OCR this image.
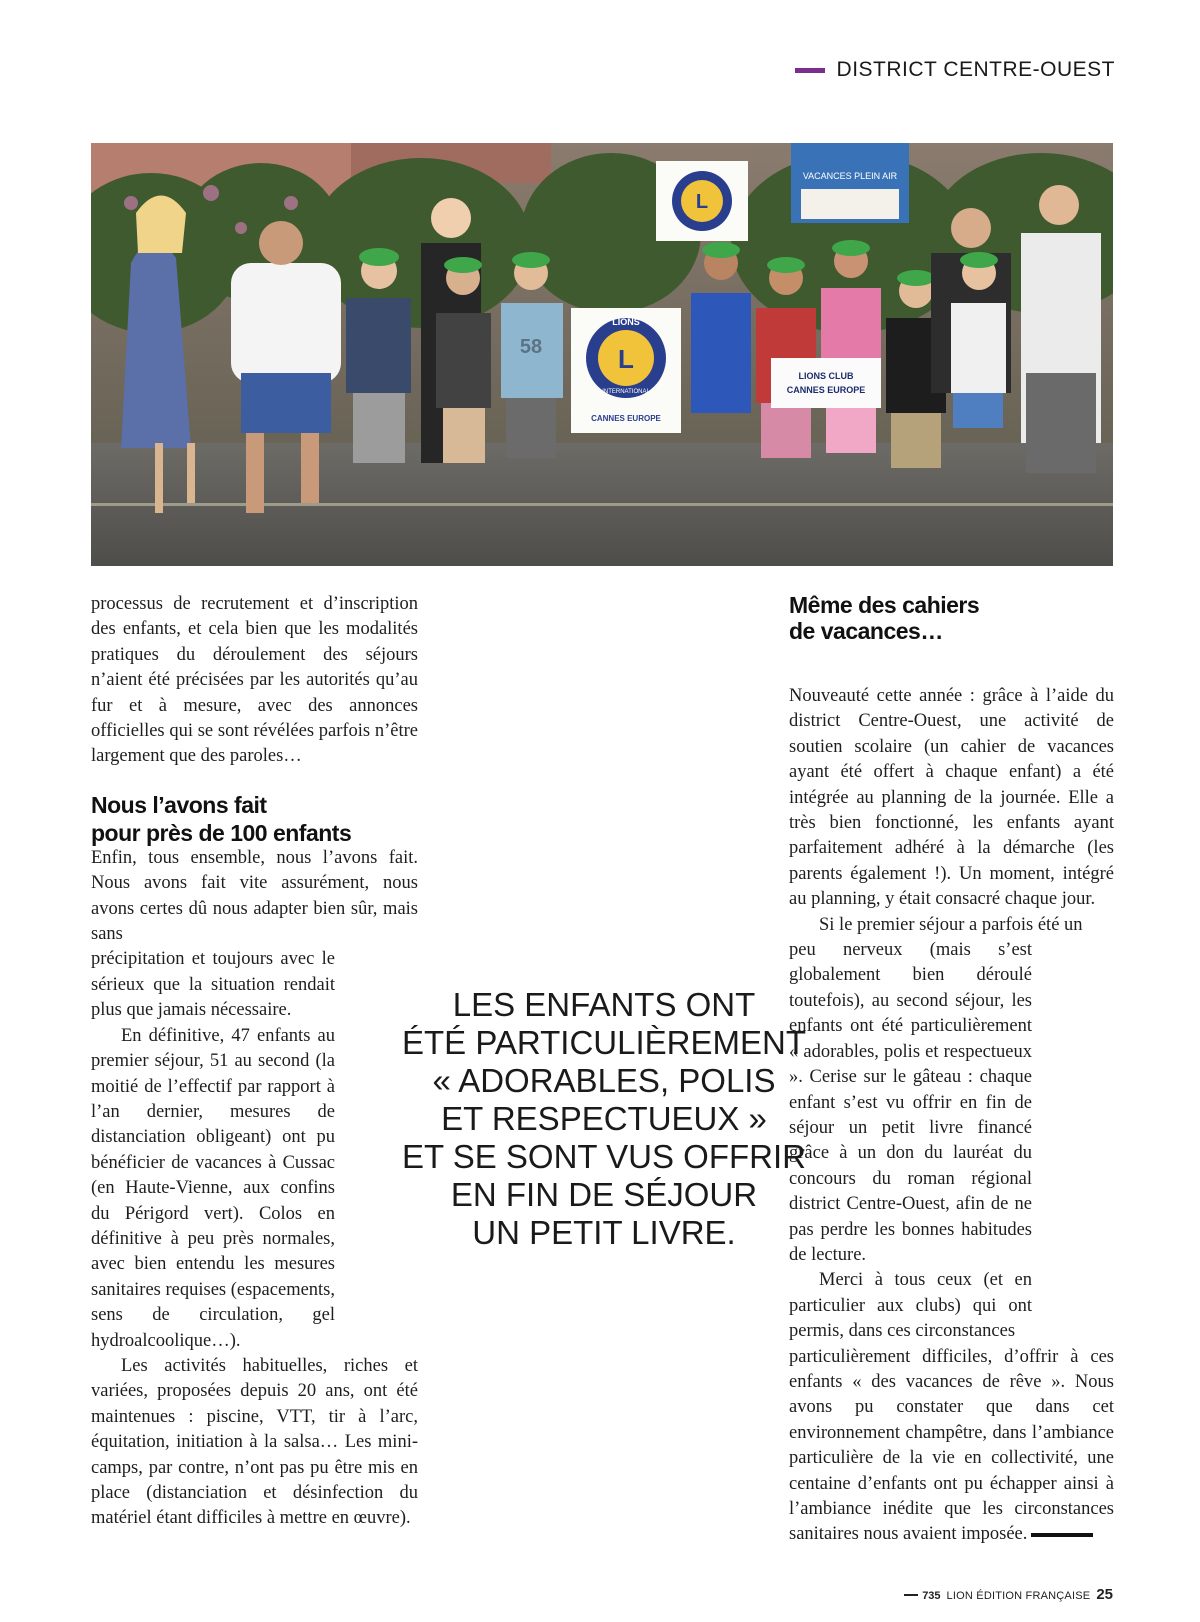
DISTRICT CENTRE-OUEST
VACANCES PLEIN AIR
L
58	L
LIONS
INTERNATIONAL
CANNES EUROPE
LIONS CLUB
CANNES EUROPE

processus de recrutement et d’inscription des enfants, et cela bien que les modalités pratiques du déroulement des séjours n’aient été précisées par les autorités qu’au fur et à mesure, avec des annonces officielles qui se sont révélées parfois n’être largement que des paroles…

Nous l’avons fait
pour près de 100 enfants

Enfin, tous ensemble, nous l’avons fait. Nous avons fait vite assurément, nous avons certes dû nous adapter bien sûr, mais sans

précipitation et toujours avec le sérieux que la situation rendait plus que jamais nécessaire.

En définitive, 47 enfants au premier séjour, 51 au second (la moitié de l’effectif par rapport à l’an dernier, mesures de distanciation obligeant) ont pu bénéficier de vacances à Cussac (en Haute-Vienne, aux confins du Périgord vert). Colos en définitive à peu près normales, avec bien entendu les mesures sanitaires requises (espacements, sens de circulation, gel hydroalcoolique…).

Les activités habituelles, riches et variées, proposées depuis 20 ans, ont été maintenues : piscine, VTT, tir à l’arc, équitation, initiation à la salsa… Les mini-camps, par contre, n’ont pas pu être mis en place (distanciation et désinfection du matériel étant difficiles à mettre en œuvre).

LES ENFANTS ONT
ÉTÉ PARTICULIÈREMENT
« ADORABLES, POLIS
ET RESPECTUEUX »
ET SE SONT VUS OFFRIR
EN FIN DE SÉJOUR
UN PETIT LIVRE.
Même des cahiers
de vacances…

Nouveauté cette année : grâce à l’aide du district Centre-Ouest, une activité de soutien scolaire (un cahier de vacances ayant été offert à chaque enfant) a été intégrée au planning de la journée. Elle a très bien fonctionné, les enfants ayant parfaitement adhéré à la démarche (les parents également !). Un moment, intégré au planning, y était consacré chaque jour.

Si le premier séjour a parfois été un

peu nerveux (mais s’est globalement bien déroulé toutefois), au second séjour, les enfants ont été particulièrement « adorables, polis et respectueux ». Cerise sur le gâteau : chaque enfant s’est vu offrir en fin de séjour un petit livre financé grâce à un don du lauréat du concours du roman régional district Centre-Ouest, afin de ne pas perdre les bonnes habitudes de lecture.

Merci à tous ceux (et en particulier aux clubs) qui ont permis, dans ces circonstances

particulièrement difficiles, d’offrir à ces enfants « des vacances de rêve ». Nous avons pu constater que dans cet environnement champêtre, dans l’ambiance particulière de la vie en collectivité, une centaine d’enfants ont pu échapper ainsi à l’ambiance inédite que les circonstances sanitaires nous avaient imposée.

735 LION ÉDITION FRANÇAISE 25
